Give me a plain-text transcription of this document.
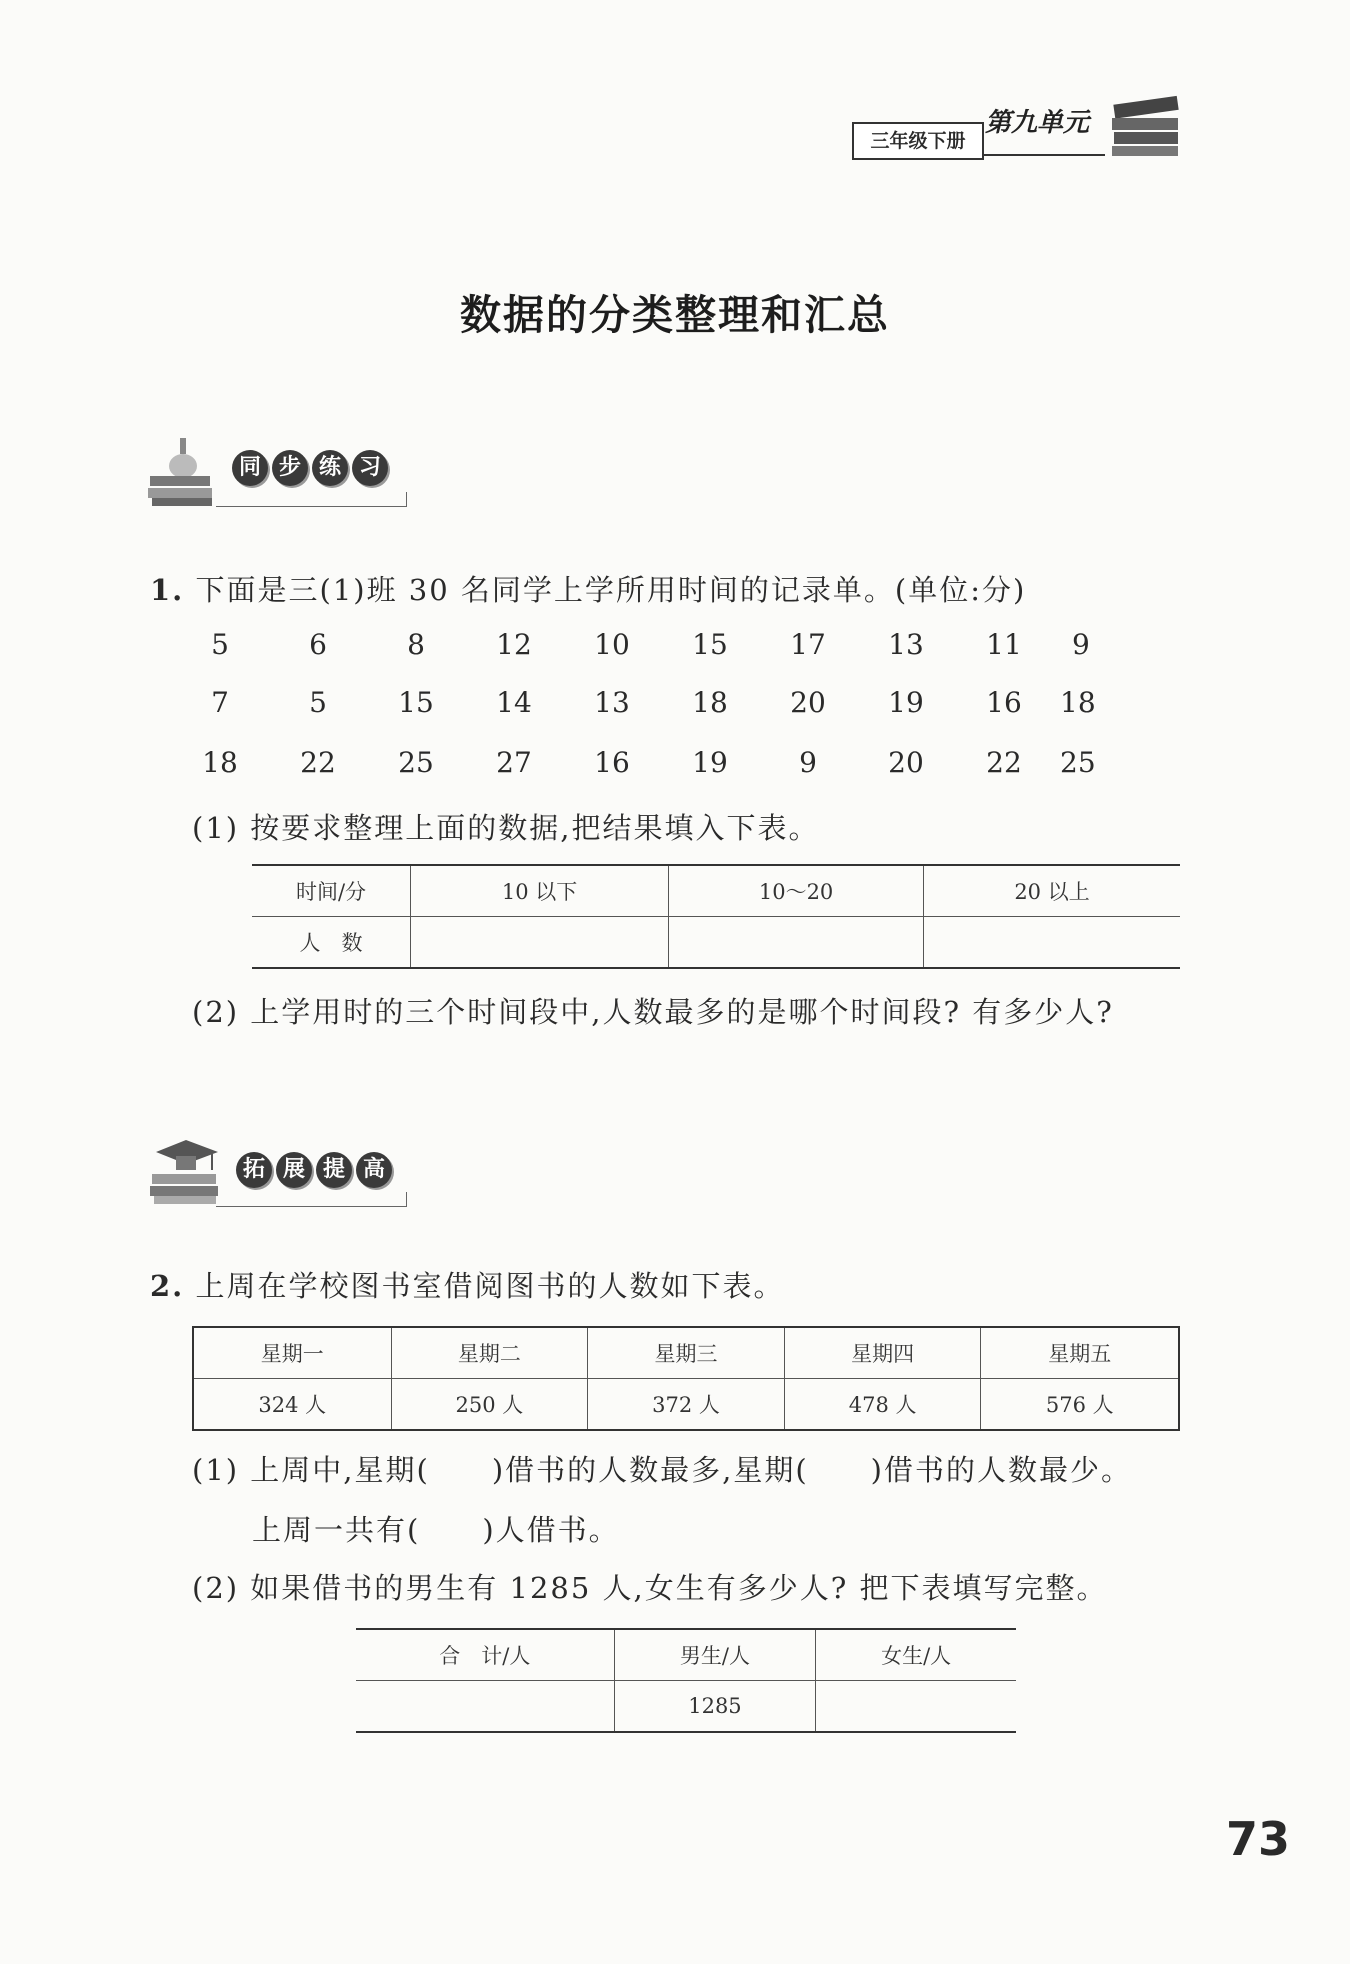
第九单元
三年级下册
数据的分类整理和汇总
同 步 练 习
1. 下面是三(1)班 30 名同学上学所用时间的记录单。(单位:分)
5	6	8	12	10	15	17	13	11	9
7	5	15	14	13	18	20	19	16	18
18	22	25	27	16	19	9	20	22	25
(1) 按要求整理上面的数据,把结果填入下表。
时间/分	10 以下	10～20	20 以上
人　数			
(2) 上学用时的三个时间段中,人数最多的是哪个时间段? 有多少人?
拓 展 提 高
2. 上周在学校图书室借阅图书的人数如下表。
星期一	星期二	星期三	星期四	星期五
324 人	250 人	372 人	478 人	576 人
(1) 上周中,星期(　　)借书的人数最多,星期(　　)借书的人数最少。
上周一共有(　　)人借书。
(2) 如果借书的男生有 1285 人,女生有多少人? 把下表填写完整。
合　计/人	男生/人	女生/人
	1285	
73
